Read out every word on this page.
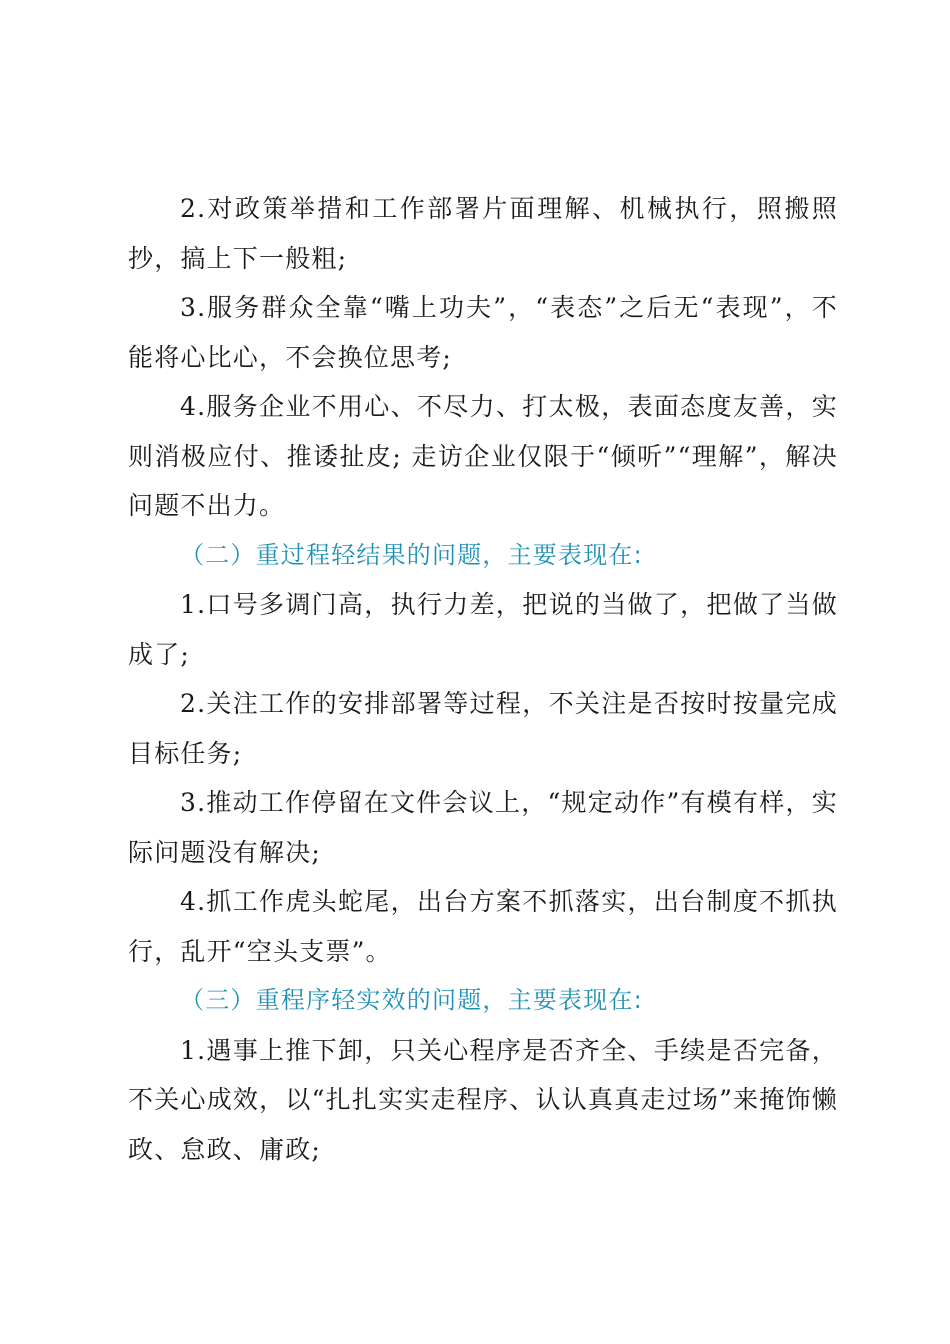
2.对政策举措和工作部署片面理解、机械执行，照搬照抄，搞上下一般粗;

3.服务群众全靠“嘴上功夫”，“表态”之后无“表现”，不能将心比心，不会换位思考;

4.服务企业不用心、不尽力、打太极，表面态度友善，实则消极应付、推诿扯皮; 走访企业仅限于“倾听”“理解”，解决问题不出力。

（二）重过程轻结果的问题，主要表现在:

1.口号多调门高，执行力差，把说的当做了，把做了当做成了;

2.关注工作的安排部署等过程，不关注是否按时按量完成目标任务;

3.推动工作停留在文件会议上，“规定动作”有模有样，实际问题没有解决;

4.抓工作虎头蛇尾，出台方案不抓落实，出台制度不抓执行，乱开“空头支票”。

（三）重程序轻实效的问题，主要表现在:

1.遇事上推下卸，只关心程序是否齐全、手续是否完备，不关心成效，以“扎扎实实走程序、认认真真走过场”来掩饰懒政、怠政、庸政;
